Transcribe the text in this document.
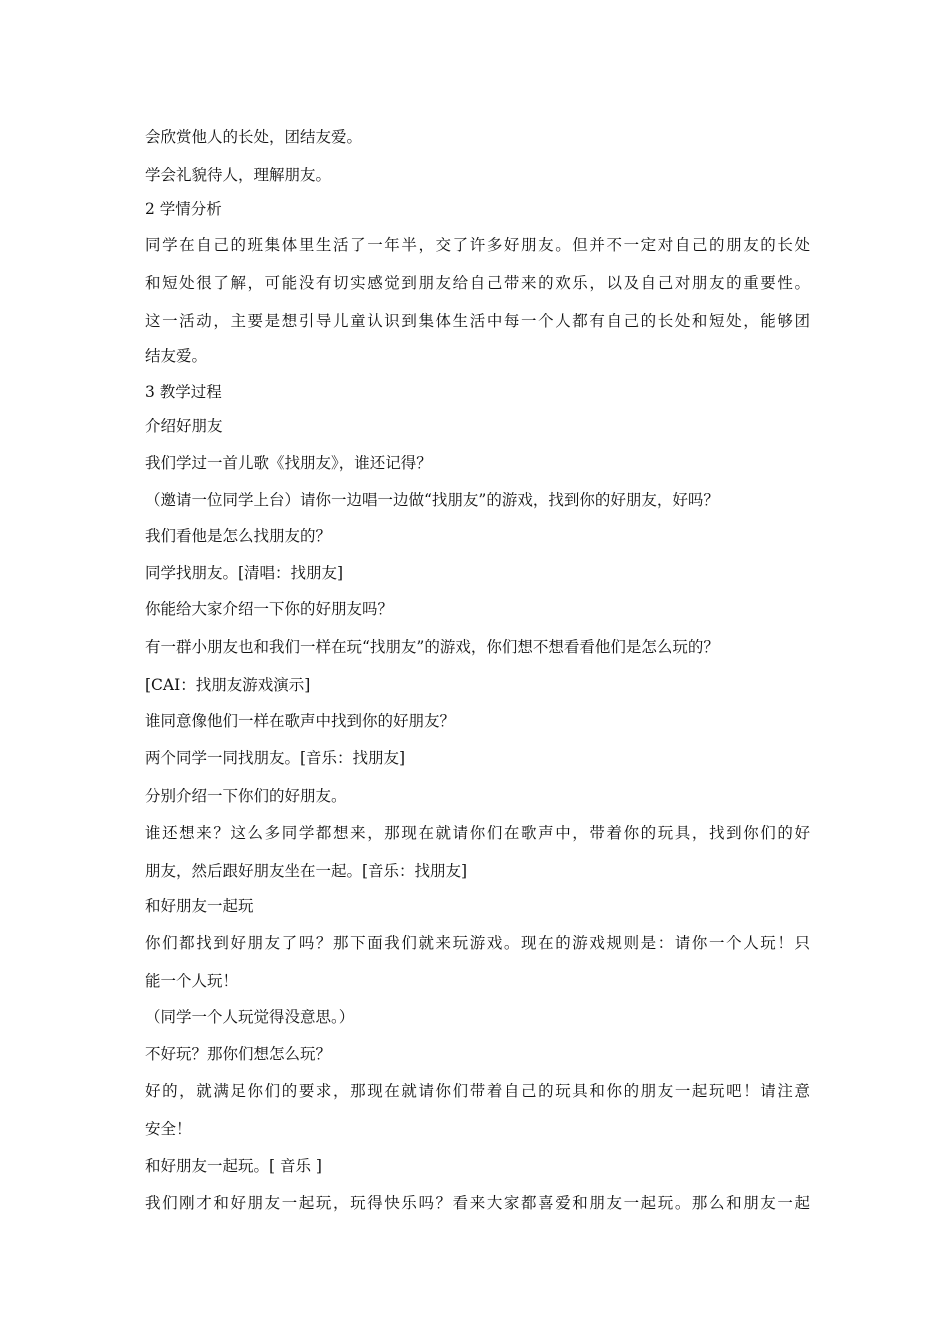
会欣赏他人的长处，团结友爱。
学会礼貌待人，理解朋友。
2 学情分析
同学在自己的班集体里生活了一年半，交了许多好朋友。但并不一定对自己的朋友的长处
和短处很了解，可能没有切实感觉到朋友给自己带来的欢乐，以及自己对朋友的重要性。
这一活动，主要是想引导儿童认识到集体生活中每一个人都有自己的长处和短处，能够团
结友爱。
3 教学过程
介绍好朋友
我们学过一首儿歌《找朋友》，谁还记得？
（邀请一位同学上台）请你一边唱一边做“找朋友”的游戏，找到你的好朋友，好吗？
我们看他是怎么找朋友的？
同学找朋友。[清唱：找朋友]
你能给大家介绍一下你的好朋友吗？
有一群小朋友也和我们一样在玩“找朋友”的游戏，你们想不想看看他们是怎么玩的？
[CAI：找朋友游戏演示]
谁同意像他们一样在歌声中找到你的好朋友？
两个同学一同找朋友。[音乐：找朋友]
分别介绍一下你们的好朋友。
谁还想来？这么多同学都想来，那现在就请你们在歌声中，带着你的玩具，找到你们的好
朋友，然后跟好朋友坐在一起。[音乐：找朋友]
和好朋友一起玩
你们都找到好朋友了吗？那下面我们就来玩游戏。现在的游戏规则是：请你一个人玩！只
能一个人玩！
（同学一个人玩觉得没意思。）
不好玩？那你们想怎么玩？
好的，就满足你们的要求，那现在就请你们带着自己的玩具和你的朋友一起玩吧！请注意
安全！
和好朋友一起玩。[ 音乐 ]
我们刚才和好朋友一起玩，玩得快乐吗？看来大家都喜爱和朋友一起玩。那么和朋友一起
